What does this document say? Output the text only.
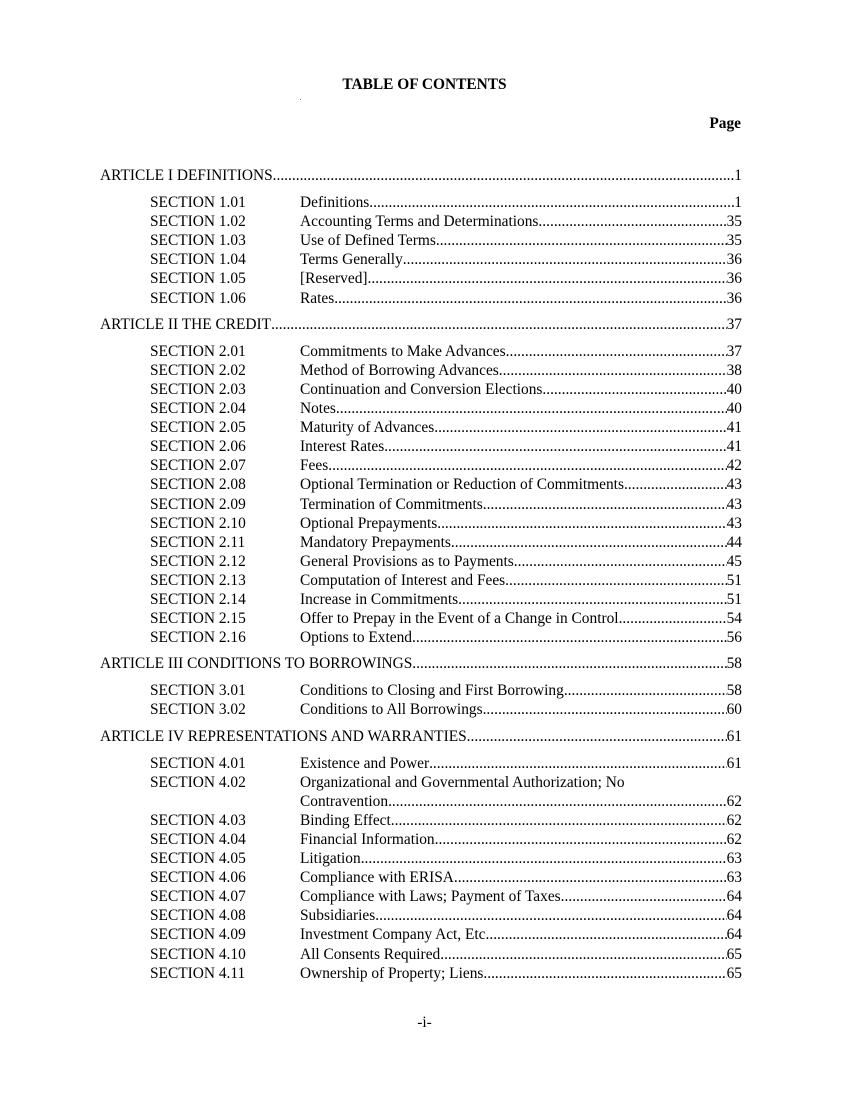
TABLE OF CONTENTS
Page
ARTICLE I DEFINITIONS .....	1
SECTION 1.01	Definitions .....	1
SECTION 1.02	Accounting Terms and Determinations .....	35
SECTION 1.03	Use of Defined Terms .....	35
SECTION 1.04	Terms Generally .....	36
SECTION 1.05	[Reserved] .....	36
SECTION 1.06	Rates .....	36
ARTICLE II THE CREDIT .....	37
SECTION 2.01	Commitments to Make Advances. .....	37
SECTION 2.02	Method of Borrowing Advances. .....	38
SECTION 2.03	Continuation and Conversion Elections .....	40
SECTION 2.04	Notes .....	40
SECTION 2.05	Maturity of Advances .....	41
SECTION 2.06	Interest Rates .....	41
SECTION 2.07	Fees. .....	42
SECTION 2.08	Optional Termination or Reduction of Commitments .....	43
SECTION 2.09	Termination of Commitments .....	43
SECTION 2.10	Optional Prepayments. .....	43
SECTION 2.11	Mandatory Prepayments. .....	44
SECTION 2.12	General Provisions as to Payments. .....	45
SECTION 2.13	Computation of Interest and Fees .....	51
SECTION 2.14	Increase in Commitments. .....	51
SECTION 2.15	Offer to Prepay in the Event of a Change in Control .....	54
SECTION 2.16	Options to Extend. .....	56
ARTICLE III CONDITIONS TO BORROWINGS .....	58
SECTION 3.01	Conditions to Closing and First Borrowing .....	58
SECTION 3.02	Conditions to All Borrowings .....	60
ARTICLE IV REPRESENTATIONS AND WARRANTIES .....	61
SECTION 4.01	Existence and Power .....	61
SECTION 4.02	Organizational and Governmental Authorization; No
Contravention .....	62
SECTION 4.03	Binding Effect .....	62
SECTION 4.04	Financial Information .....	62
SECTION 4.05	Litigation .....	63
SECTION 4.06	Compliance with ERISA .....	63
SECTION 4.07	Compliance with Laws; Payment of Taxes .....	64
SECTION 4.08	Subsidiaries .....	64
SECTION 4.09	Investment Company Act, Etc .....	64
SECTION 4.10	All Consents Required .....	65
SECTION 4.11	Ownership of Property; Liens .....	65
-i-
